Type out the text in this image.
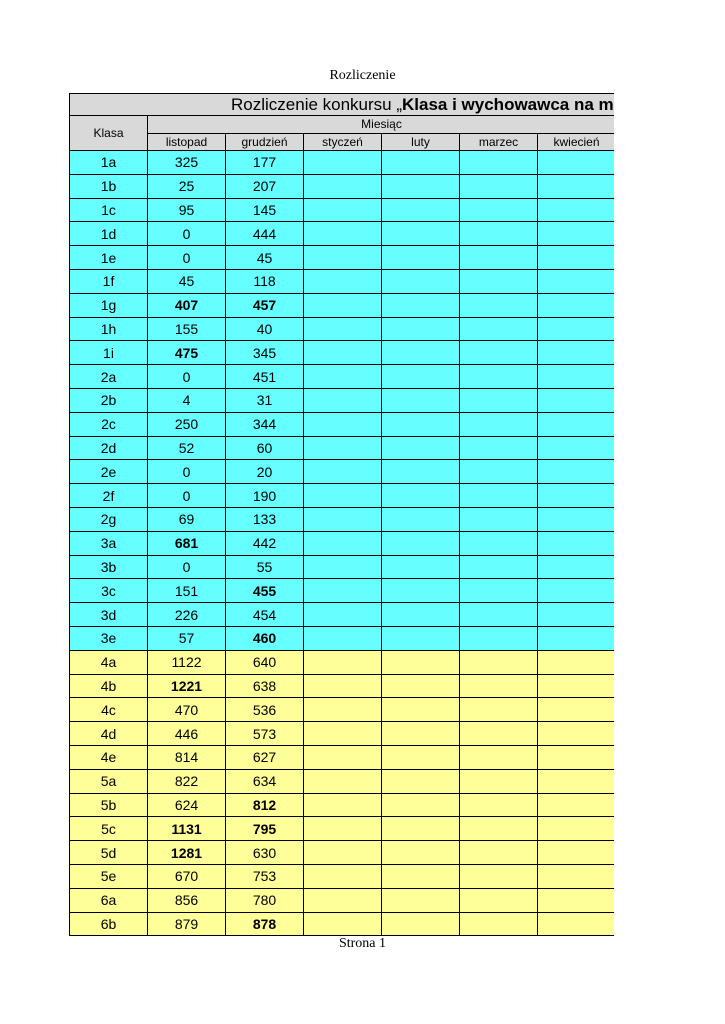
Rozliczenie
Rozliczenie konkursu „Klasa i wychowawca na m						
Klasa	Miesiąc					
	listopad	grudzień	styczeń	luty	marzec	kwiecień
1a	325	177				
1b	25	207				
1c	95	145				
1d	0	444				
1e	0	45				
1f	45	118				
1g	407	457				
1h	155	40				
1i	475	345				
2a	0	451				
2b	4	31				
2c	250	344				
2d	52	60				
2e	0	20				
2f	0	190				
2g	69	133				
3a	681	442				
3b	0	55				
3c	151	455				
3d	226	454				
3e	57	460				
4a	1122	640				
4b	1221	638				
4c	470	536				
4d	446	573				
4e	814	627				
5a	822	634				
5b	624	812				
5c	1131	795				
5d	1281	630				
5e	670	753				
6a	856	780				
6b	879	878				
Strona 1
